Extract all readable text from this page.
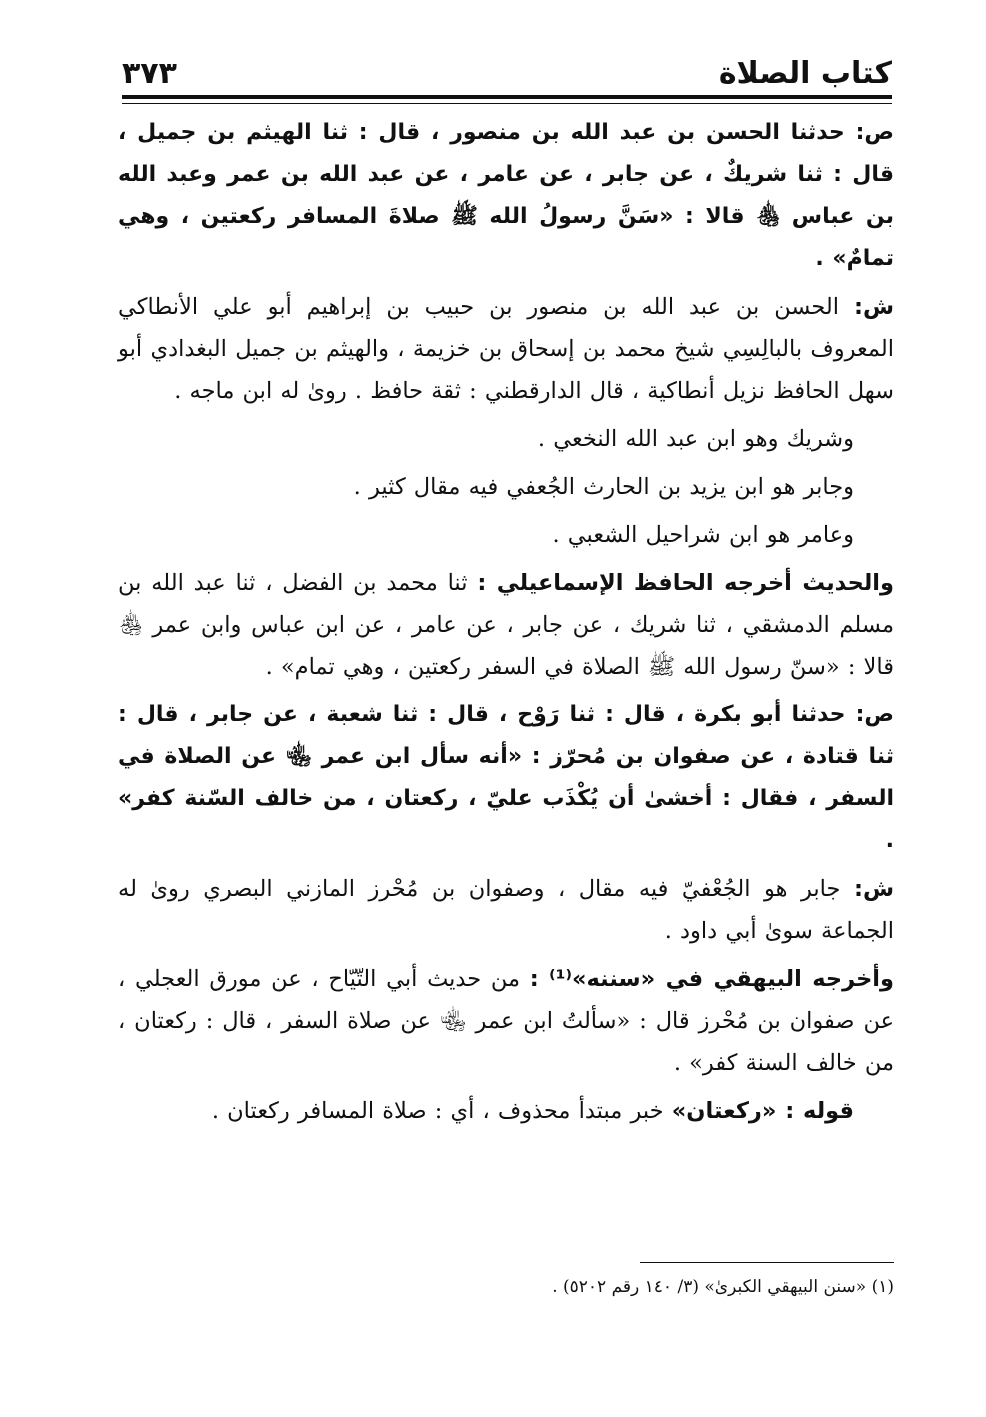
كتاب الصلاة
٣٧٣

ص: حدثنا الحسن بن عبد الله بن منصور ، قال : ثنا الهيثم بن جميل ، قال : ثنا شريكٌ ، عن جابر ، عن عامر ، عن عبد الله بن عمر وعبد الله بن عباس ﵃ قالا : «سَنَّ رسولُ الله ﷺ صلاةَ المسافر ركعتين ، وهي تمامٌ» .

ش: الحسن بن عبد الله بن منصور بن حبيب بن إبراهيم أبو علي الأنطاكي المعروف بالبالِسِي شيخ محمد بن إسحاق بن خزيمة ، والهيثم بن جميل البغدادي أبو سهل الحافظ نزيل أنطاكية ، قال الدارقطني : ثقة حافظ . روىٰ له ابن ماجه .

وشريك وهو ابن عبد الله النخعي .

وجابر هو ابن يزيد بن الحارث الجُعفي فيه مقال كثير .

وعامر هو ابن شراحيل الشعبي .

والحديث أخرجه الحافظ الإسماعيلي : ثنا محمد بن الفضل ، ثنا عبد الله بن مسلم الدمشقي ، ثنا شريك ، عن جابر ، عن عامر ، عن ابن عباس وابن عمر ﵃ قالا : «سنّ رسول الله ﷺ الصلاة في السفر ركعتين ، وهي تمام» .

ص: حدثنا أبو بكرة ، قال : ثنا رَوْح ، قال : ثنا شعبة ، عن جابر ، قال : ثنا قتادة ، عن صفوان بن مُحرّز : «أنه سأل ابن عمر ﵄ عن الصلاة في السفر ، فقال : أخشىٰ أن يُكْذَب عليّ ، ركعتان ، من خالف السّنة كفر» .

ش: جابر هو الجُعْفيّ فيه مقال ، وصفوان بن مُحْرز المازني البصري روىٰ له الجماعة سوىٰ أبي داود .

وأخرجه البيهقي في «سننه»⁽¹⁾ : من حديث أبي التّيّاح ، عن مورق العجلي ، عن صفوان بن مُحْرز قال : «سألتُ ابن عمر ﵄ عن صلاة السفر ، قال : ركعتان ، من خالف السنة كفر» .

قوله : «ركعتان» خبر مبتدأ محذوف ، أي : صلاة المسافر ركعتان .

(١) «سنن البيهقي الكبرىٰ» (٣/ ١٤٠ رقم ٥٢٠٢) .
